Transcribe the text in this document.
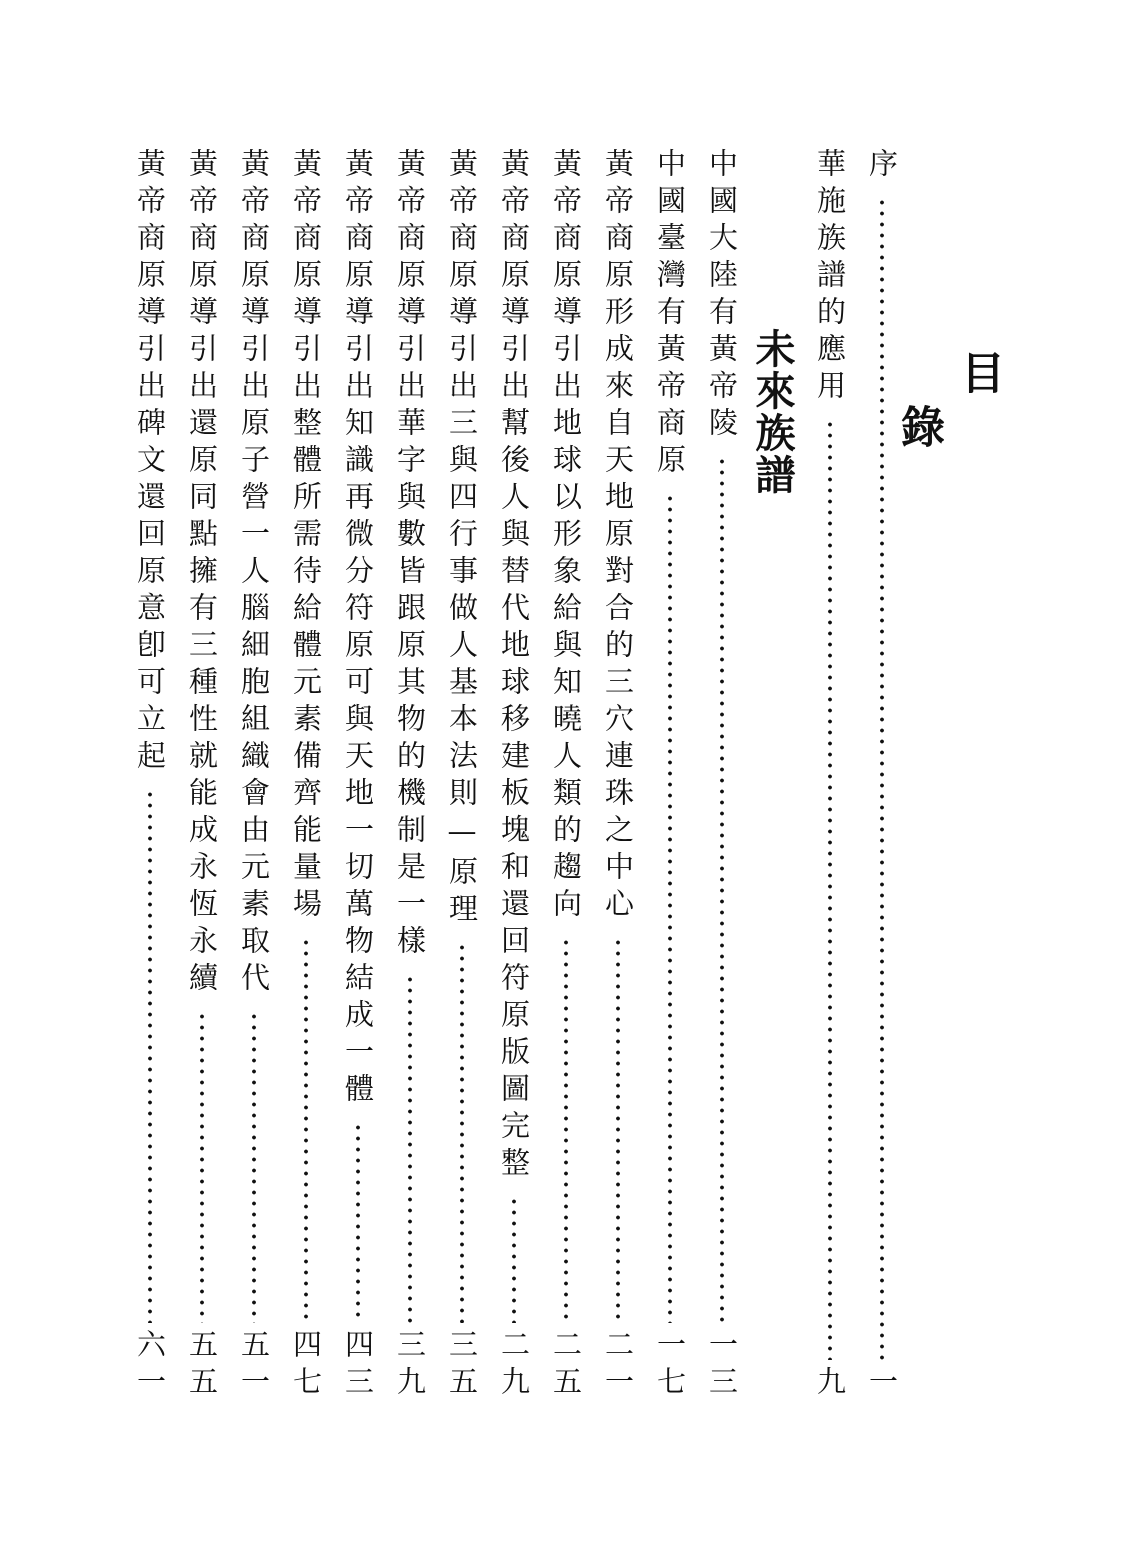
目
錄
未來族譜
序
一
華施族譜的應用
九
中國大陸有黃帝陵
一三
中國臺灣有黃帝商原
一七
黃帝商原形成來自天地原對合的三穴連珠之中心
二一
黃帝商原導引出地球以形象給與知曉人類的趨向
二五
黃帝商原導引出幫後人與替代地球移建板塊和還回符原版圖完整
二九
黃帝商原導引出三與四行事做人基本法則—原理
三五
黃帝商原導引出華字與數皆跟原其物的機制是一樣
三九
黃帝商原導引出知識再微分符原可與天地一切萬物結成一體
四三
黃帝商原導引出整體所需待給體元素備齊能量場
四七
黃帝商原導引出原子營一人腦細胞組織會由元素取代
五一
黃帝商原導引出還原同點擁有三種性就能成永恆永續
五五
黃帝商原導引出碑文還回原意卽可立起
六一
